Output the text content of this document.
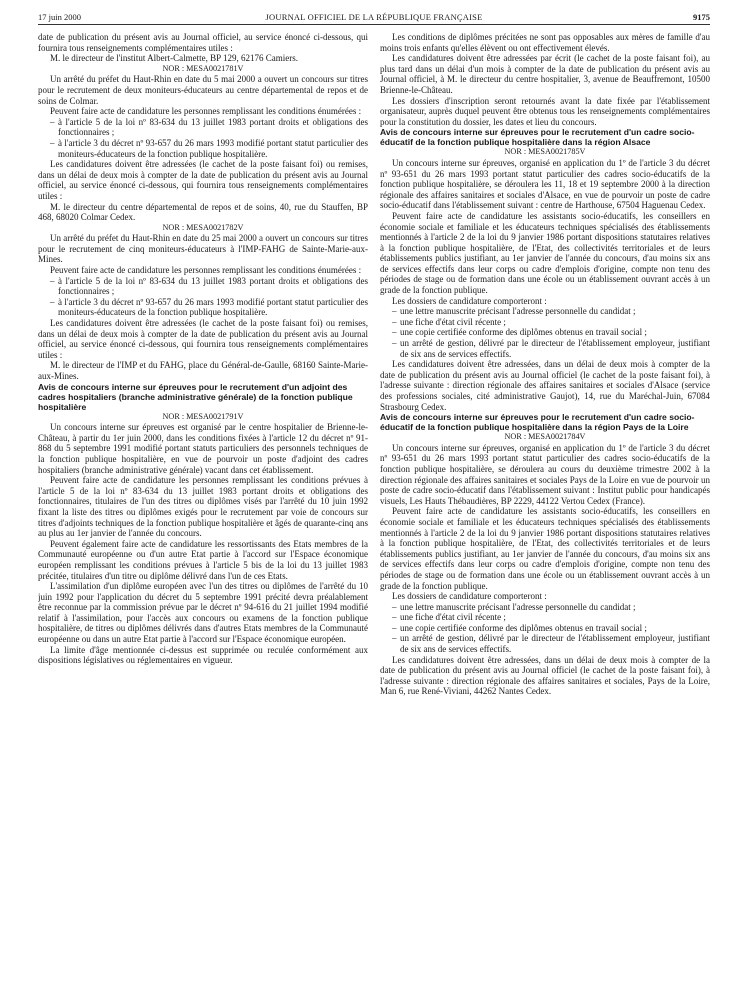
17 juin 2000	JOURNAL OFFICIEL DE LA RÉPUBLIQUE FRANÇAISE	9175

date de publication du présent avis au Journal officiel, au service énoncé ci-dessous, qui fournira tous renseignements complémentaires utiles :

M. le directeur de l'institut Albert-Calmette, BP 129, 62176 Camiers.

NOR : MESA0021781V

Un arrêté du préfet du Haut-Rhin en date du 5 mai 2000 a ouvert un concours sur titres pour le recrutement de deux moniteurs-éducateurs au centre départemental de repos et de soins de Colmar.

Peuvent faire acte de candidature les personnes remplissant les conditions énumérées :

– à l'article 5 de la loi nº 83-634 du 13 juillet 1983 portant droits et obligations des fonctionnaires ;
– à l'article 3 du décret nº 93-657 du 26 mars 1993 modifié portant statut particulier des moniteurs-éducateurs de la fonction publique hospitalière.

Les candidatures doivent être adressées (le cachet de la poste faisant foi) ou remises, dans un délai de deux mois à compter de la date de publication du présent avis au Journal officiel, au service énoncé ci-dessous, qui fournira tous renseignements complémentaires utiles :

M. le directeur du centre départemental de repos et de soins, 40, rue du Stauffen, BP 468, 68020 Colmar Cedex.

NOR : MESA0021782V

Un arrêté du préfet du Haut-Rhin en date du 25 mai 2000 a ouvert un concours sur titres pour le recrutement de cinq moniteurs-éducateurs à l'IMP-FAHG de Sainte-Marie-aux-Mines.

Peuvent faire acte de candidature les personnes remplissant les conditions énumérées :

– à l'article 5 de la loi nº 83-634 du 13 juillet 1983 portant droits et obligations des fonctionnaires ;
– à l'article 3 du décret nº 93-657 du 26 mars 1993 modifié portant statut particulier des moniteurs-éducateurs de la fonction publique hospitalière.

Les candidatures doivent être adressées (le cachet de la poste faisant foi) ou remises, dans un délai de deux mois à compter de la date de publication du présent avis au Journal officiel, au service énoncé ci-dessous, qui fournira tous renseignements complémentaires utiles :

M. le directeur de l'IMP et du FAHG, place du Général-de-Gaulle, 68160 Sainte-Marie-aux-Mines.

Avis de concours interne sur épreuves pour le recrutement d'un adjoint des cadres hospitaliers (branche administrative générale) de la fonction publique hospitalière

NOR : MESA0021791V

Un concours interne sur épreuves est organisé par le centre hospitalier de Brienne-le-Château, à partir du 1er juin 2000, dans les conditions fixées à l'article 12 du décret nº 91-868 du 5 septembre 1991 modifié portant statuts particuliers des personnels techniques de la fonction publique hospitalière, en vue de pourvoir un poste d'adjoint des cadres hospitaliers (branche administrative générale) vacant dans cet établissement.

Peuvent faire acte de candidature les personnes remplissant les conditions prévues à l'article 5 de la loi nº 83-634 du 13 juillet 1983 portant droits et obligations des fonctionnaires, titulaires de l'un des titres ou diplômes visés par l'arrêté du 10 juin 1992 fixant la liste des titres ou diplômes exigés pour le recrutement par voie de concours sur titres d'adjoints techniques de la fonction publique hospitalière et âgés de quarante-cinq ans au plus au 1er janvier de l'année du concours.

Peuvent également faire acte de candidature les ressortissants des Etats membres de la Communauté européenne ou d'un autre Etat partie à l'accord sur l'Espace économique européen remplissant les conditions prévues à l'article 5 bis de la loi du 13 juillet 1983 précitée, titulaires d'un titre ou diplôme délivré dans l'un de ces Etats.

L'assimilation d'un diplôme européen avec l'un des titres ou diplômes de l'arrêté du 10 juin 1992 pour l'application du décret du 5 septembre 1991 précité devra préalablement être reconnue par la commission prévue par le décret nº 94-616 du 21 juillet 1994 modifié relatif à l'assimilation, pour l'accès aux concours ou examens de la fonction publique hospitalière, de titres ou diplômes délivrés dans d'autres Etats membres de la Communauté européenne ou dans un autre Etat partie à l'accord sur l'Espace économique européen.

La limite d'âge mentionnée ci-dessus est supprimée ou reculée conformément aux dispositions législatives ou réglementaires en vigueur.

Les conditions de diplômes précitées ne sont pas opposables aux mères de famille d'au moins trois enfants qu'elles élèvent ou ont effectivement élevés.

Les candidatures doivent être adressées par écrit (le cachet de la poste faisant foi), au plus tard dans un délai d'un mois à compter de la date de publication du présent avis au Journal officiel, à M. le directeur du centre hospitalier, 3, avenue de Beauffremont, 10500 Brienne-le-Château.

Les dossiers d'inscription seront retournés avant la date fixée par l'établissement organisateur, auprès duquel peuvent être obtenus tous les renseignements complémentaires pour la constitution du dossier, les dates et lieu du concours.

Avis de concours interne sur épreuves pour le recrutement d'un cadre socio-éducatif de la fonction publique hospitalière dans la région Alsace

NOR : MESA0021785V

Un concours interne sur épreuves, organisé en application du 1º de l'article 3 du décret nº 93-651 du 26 mars 1993 portant statut particulier des cadres socio-éducatifs de la fonction publique hospitalière, se déroulera les 11, 18 et 19 septembre 2000 à la direction régionale des affaires sanitaires et sociales d'Alsace, en vue de pourvoir un poste de cadre socio-éducatif dans l'établissement suivant : centre de Harthouse, 67504 Haguenau Cedex.

Peuvent faire acte de candidature les assistants socio-éducatifs, les conseillers en économie sociale et familiale et les éducateurs techniques spécialisés des établissements mentionnés à l'article 2 de la loi du 9 janvier 1986 portant dispositions statutaires relatives à la fonction publique hospitalière, de l'Etat, des collectivités territoriales et de leurs établissements publics justifiant, au 1er janvier de l'année du concours, d'au moins six ans de services effectifs dans leur corps ou cadre d'emplois d'origine, compte non tenu des périodes de stage ou de formation dans une école ou un établissement ouvrant accès à un grade de la fonction publique.

Les dossiers de candidature comporteront :

– une lettre manuscrite précisant l'adresse personnelle du candidat ;
– une fiche d'état civil récente ;
– une copie certifiée conforme des diplômes obtenus en travail social ;
– un arrêté de gestion, délivré par le directeur de l'établissement employeur, justifiant de six ans de services effectifs.

Les candidatures doivent être adressées, dans un délai de deux mois à compter de la date de publication du présent avis au Journal officiel (le cachet de la poste faisant foi), à l'adresse suivante : direction régionale des affaires sanitaires et sociales d'Alsace (service des professions sociales, cité administrative Gaujot), 14, rue du Maréchal-Juin, 67084 Strasbourg Cedex.

Avis de concours interne sur épreuves pour le recrutement d'un cadre socio-éducatif de la fonction publique hospitalière dans la région Pays de la Loire

NOR : MESA0021784V

Un concours interne sur épreuves, organisé en application du 1º de l'article 3 du décret nº 93-651 du 26 mars 1993 portant statut particulier des cadres socio-éducatifs de la fonction publique hospitalière, se déroulera au cours du deuxième trimestre 2002 à la direction régionale des affaires sanitaires et sociales Pays de la Loire en vue de pourvoir un poste de cadre socio-éducatif dans l'établissement suivant : Institut public pour handicapés visuels, Les Hauts Thébaudières, BP 2229, 44122 Vertou Cedex (France).

Peuvent faire acte de candidature les assistants socio-éducatifs, les conseillers en économie sociale et familiale et les éducateurs techniques spécialisés des établissements mentionnés à l'article 2 de la loi du 9 janvier 1986 portant dispositions statutaires relatives à la fonction publique hospitalière, de l'Etat, des collectivités territoriales et de leurs établissements publics justifiant, au 1er janvier de l'année du concours, d'au moins six ans de services effectifs dans leur corps ou cadre d'emplois d'origine, compte non tenu des périodes de stage ou de formation dans une école ou un établissement ouvrant accès à un grade de la fonction publique.

Les dossiers de candidature comporteront :

– une lettre manuscrite précisant l'adresse personnelle du candidat ;
– une fiche d'état civil récente ;
– une copie certifiée conforme des diplômes obtenus en travail social ;
– un arrêté de gestion, délivré par le directeur de l'établissement employeur, justifiant de six ans de services effectifs.

Les candidatures doivent être adressées, dans un délai de deux mois à compter de la date de publication du présent avis au Journal officiel (le cachet de la poste faisant foi), à l'adresse suivante : direction régionale des affaires sanitaires et sociales, Pays de la Loire, Man 6, rue René-Viviani, 44262 Nantes Cedex.
